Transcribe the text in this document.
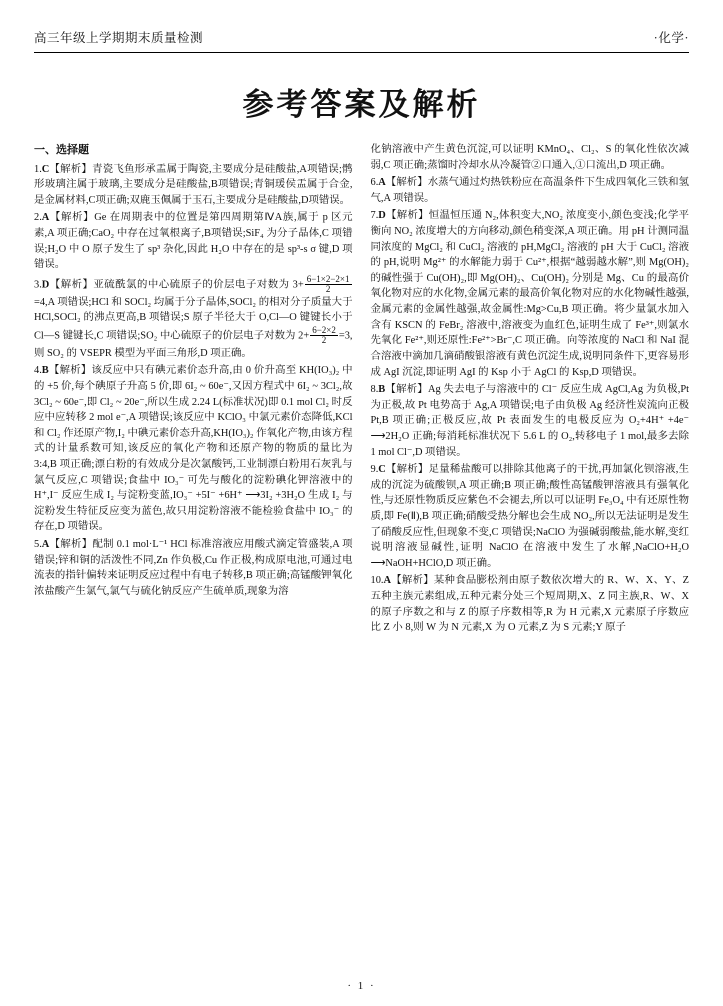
高三年级上学期期末质量检测	·化学·
参考答案及解析
一、选择题
1.C【解析】青瓷飞鱼形承盂属于陶瓷,主要成分是硅酸盐,A项错误;鹘形玻璃注属于玻璃,主要成分是硅酸盐,B项错误;青铜瑗侯盂属于合金,是金属材料,C项正确;双鹿玉佩属于玉石,主要成分是硅酸盐,D项错误。
2.A【解析】Ge 在周期表中的位置是第四周期第ⅣA族,属于 p 区元素,A 项正确;CaO₂ 中存在过氧根离子,B项错误;SiF₄ 为分子晶体,C 项错误;H₂O 中 O 原子发生了 sp³ 杂化,因此 H₂O 中存在的是 sp³-s σ 键,D 项错误。
3.D【解析】亚硫酰氯的中心硫原子的价层电子对数为 $3+ \frac{6-1\times 2-2\times 1}{2}$
=4,A 项错误;HCl 和 SOCl₂ 均属于分子晶体,SOCl₂ 的相对分子质量大于 HCl,SOCl₂ 的沸点更高,B 项错误;S 原子半径大于 O,Cl—O 键键长小于 Cl—S 键键长,C 项错误;SO₂ 中心硫原子的价层电子对数为 $2+ \frac{6-2\times 2}{2} =3$,则 SO₂ 的 VSEPR 模型为平面三角形,D 项正确。
4.B【解析】该反应中只有碘元素价态升高,由 0 价升高至 KH(IO₃)₂ 中的 +5 价,每个碘原子升高 5 价,即 6I₂ ~ 60e⁻,又因方程式中 6I₂ ~ 3Cl₂,故 3Cl₂ ~ 60e⁻,即 Cl₂ ~ 20e⁻,所以生成 2.24 L(标准状况)即 0.1 mol Cl₂ 时反应中应转移 2 mol e⁻,A 项错误;该反应中 KClO₃ 中氯元素价态降低,KCl 和 Cl₂ 作还原产物,I₂ 中碘元素价态升高,KH(IO₃)₂ 作氧化产物,由该方程式的计量系数可知,该反应的氧化产物和还原产物的物质的量比为 3:4,B 项正确;漂白粉的有效成分是次氯酸钙,工业制漂白粉用石灰乳与氯气反应,C 项错误;食盐中 IO₃⁻ 可先与酸化的淀粉碘化钾溶液中的 H⁺,I⁻ 反应生成 I₂ 与淀粉变蓝,IO₃⁻ +5I⁻ +6H⁺ ⟶3I₂ +3H₂O 生成 I₂ 与淀粉发生特征反应变为蓝色,故只用淀粉溶液不能检验食盐中 IO₃⁻ 的存在,D 项错误。
5.A【解析】配制 0.1 mol·L⁻¹ HCl 标准溶液应用酸式滴定管盛装,A 项错误;锌和铜的活泼性不同,Zn 作负极,Cu 作正极,构成原电池,可通过电流表的指针偏转来证明反应过程中有电子转移,B 项正确;高锰酸钾氧化浓盐酸产生氯气,氯气与硫化钠反应产生硫单质,现象为溶
化钠溶液中产生黄色沉淀,可以证明 KMnO₄、Cl₂、S 的氧化性依次减弱,C 项正确;蒸馏时冷却水从冷凝管②口通入,①口流出,D 项正确。
6.A【解析】水蒸气通过灼热铁粉应在高温条件下生成四氧化三铁和氢气,A 项错误。
7.D【解析】恒温恒压通 N₂,体积变大,NO₂ 浓度变小,颜色变浅;化学平衡向 NO₂ 浓度增大的方向移动,颜色稍变深,A 项正确。用 pH 计测同温同浓度的 MgCl₂ 和 CuCl₂ 溶液的 pH,MgCl₂ 溶液的 pH 大于 CuCl₂ 溶液的 pH,说明 Mg²⁺ 的水解能力弱于 Cu²⁺,根据“越弱越水解”,则 Mg(OH)₂ 的碱性强于 Cu(OH)₂,即 Mg(OH)₂、Cu(OH)₂ 分别是 Mg、Cu 的最高价氧化物对应的水化物,金属元素的最高价氧化物对应的水化物碱性越强,金属元素的金属性越强,故金属性:Mg>Cu,B 项正确。将少量氯水加入含有 KSCN 的 FeBr₂ 溶液中,溶液变为血红色,证明生成了 Fe³⁺,则氯水先氧化 Fe²⁺,则还原性:Fe²⁺>Br⁻,C 项正确。向等浓度的 NaCl 和 NaI 混合溶液中滴加几滴硝酸银溶液有黄色沉淀生成,说明同条件下,更容易形成 AgI 沉淀,即证明 AgI 的 Ksp 小于 AgCl 的 Ksp,D 项错误。
8.B【解析】Ag 失去电子与溶液中的 Cl⁻ 反应生成 AgCl,Ag 为负极,Pt 为正极,故 Pt 电势高于 Ag,A 项错误;电子由负极 Ag 经济性炭流向正极 Pt,B 项正确;正极反应,故 Pt 表面发生的电极反应为 O₂+4H⁺ +4e⁻ ⟶2H₂O 正确;每消耗标准状况下 5.6 L 的 O₂,转移电子 1 mol,最多去除1 mol Cl⁻,D 项错误。
9.C【解析】足量稀盐酸可以排除其他离子的干扰,再加氯化钡溶液,生成的沉淀为硫酸钡,A 项正确;B 项正确;酸性高锰酸钾溶液具有强氧化性,与还原性物质反应紫色不会褪去,所以可以证明 Fe₃O₄ 中有还原性物质,即 Fe(Ⅱ),B 项正确;硝酸受热分解也会生成 NO₂,所以无法证明是发生了硝酸反应性,但现象不变,C 项错误;NaClO 为强碱弱酸盐,能水解,变红说明溶液显碱性,证明 NaClO 在溶液中发生了水解,NaClO+H₂O ⟶NaOH+HClO,D 项正确。
10.A【解析】某种食品膨松剂由原子数依次增大的 R、W、X、Y、Z 五种主族元素组成,五种元素分处三个短周期,X、Z 同主族,R、W、X 的原子序数之和与 Z 的原子序数相等,R 为 H 元素,X 元素原子序数应比 Z 小 8,则 W 为 N 元素,X 为 O 元素,Z 为 S 元素;Y 原子
· 1 ·
